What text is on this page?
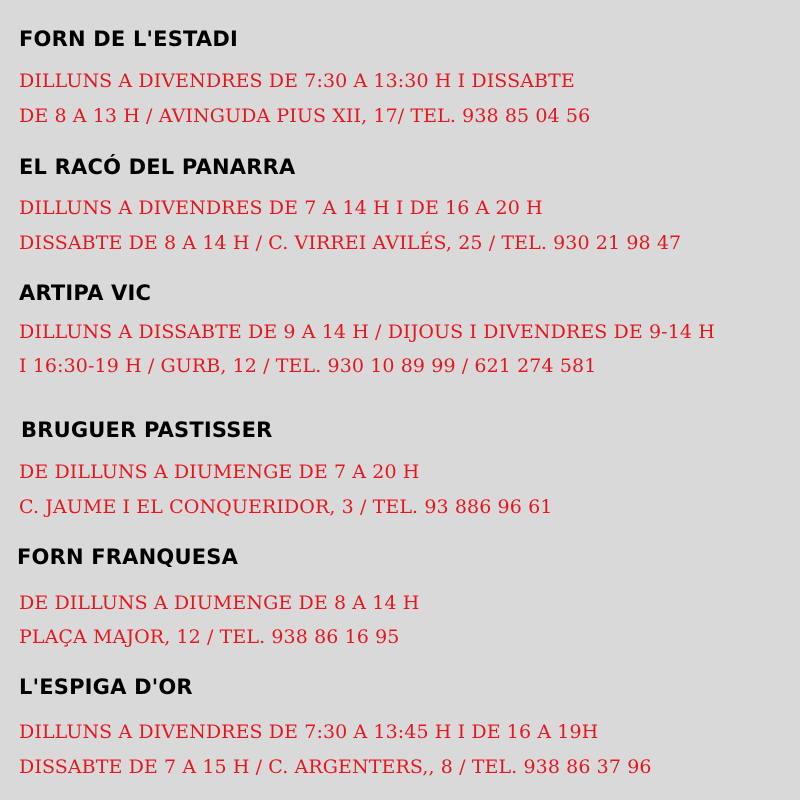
FORN DE L'ESTADI

DILLUNS A DIVENDRES DE 7:30 A 13:30 H I DISSABTE

DE 8 A 13 H / AVINGUDA PIUS XII, 17/ TEL. 938 85 04 56

EL RACÓ DEL PANARRA

DILLUNS A DIVENDRES DE 7 A 14 H I DE 16 A 20 H

DISSABTE DE 8 A 14 H / C. VIRREI AVILÉS, 25 / TEL. 930 21 98 47

ARTIPA VIC

DILLUNS A DISSABTE DE 9 A 14 H / DIJOUS I DIVENDRES DE 9-14 H

I 16:30-19 H / GURB, 12 / TEL. 930 10 89 99 / 621 274 581

BRUGUER PASTISSER

DE DILLUNS A DIUMENGE DE 7 A 20 H

C. JAUME I EL CONQUERIDOR, 3 / TEL. 93 886 96 61

FORN FRANQUESA

DE DILLUNS A DIUMENGE DE 8 A 14 H

PLAÇA MAJOR, 12 / TEL. 938 86 16 95

L'ESPIGA D'OR

DILLUNS A DIVENDRES DE 7:30 A 13:45 H I DE 16 A 19H

DISSABTE DE 7 A 15 H / C. ARGENTERS,, 8 / TEL. 938 86 37 96
